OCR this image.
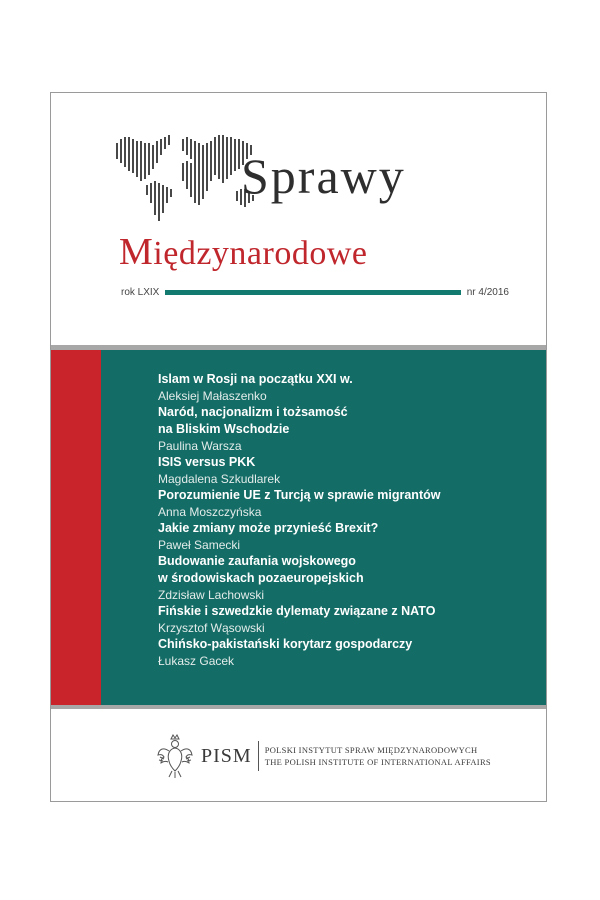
Sprawy
Międzynarodowe
rok LXIX	nr 4/2016
Islam w Rosji na początku XXI w.
Aleksiej Małaszenko
Naród, nacjonalizm i tożsamość
na Bliskim Wschodzie
Paulina Warsza
ISIS versus PKK
Magdalena Szkudlarek
Porozumienie UE z Turcją w sprawie migrantów
Anna Moszczyńska
Jakie zmiany może przynieść Brexit?
Paweł Samecki
Budowanie zaufania wojskowego
w środowiskach pozaeuropejskich
Zdzisław Lachowski
Fińskie i szwedzkie dylematy związane z NATO
Krzysztof Wąsowski
Chińsko-pakistański korytarz gospodarczy
Łukasz Gacek
PISM	POLSKI INSTYTUT SPRAW MIĘDZYNARODOWYCH
THE POLISH INSTITUTE OF INTERNATIONAL AFFAIRS
